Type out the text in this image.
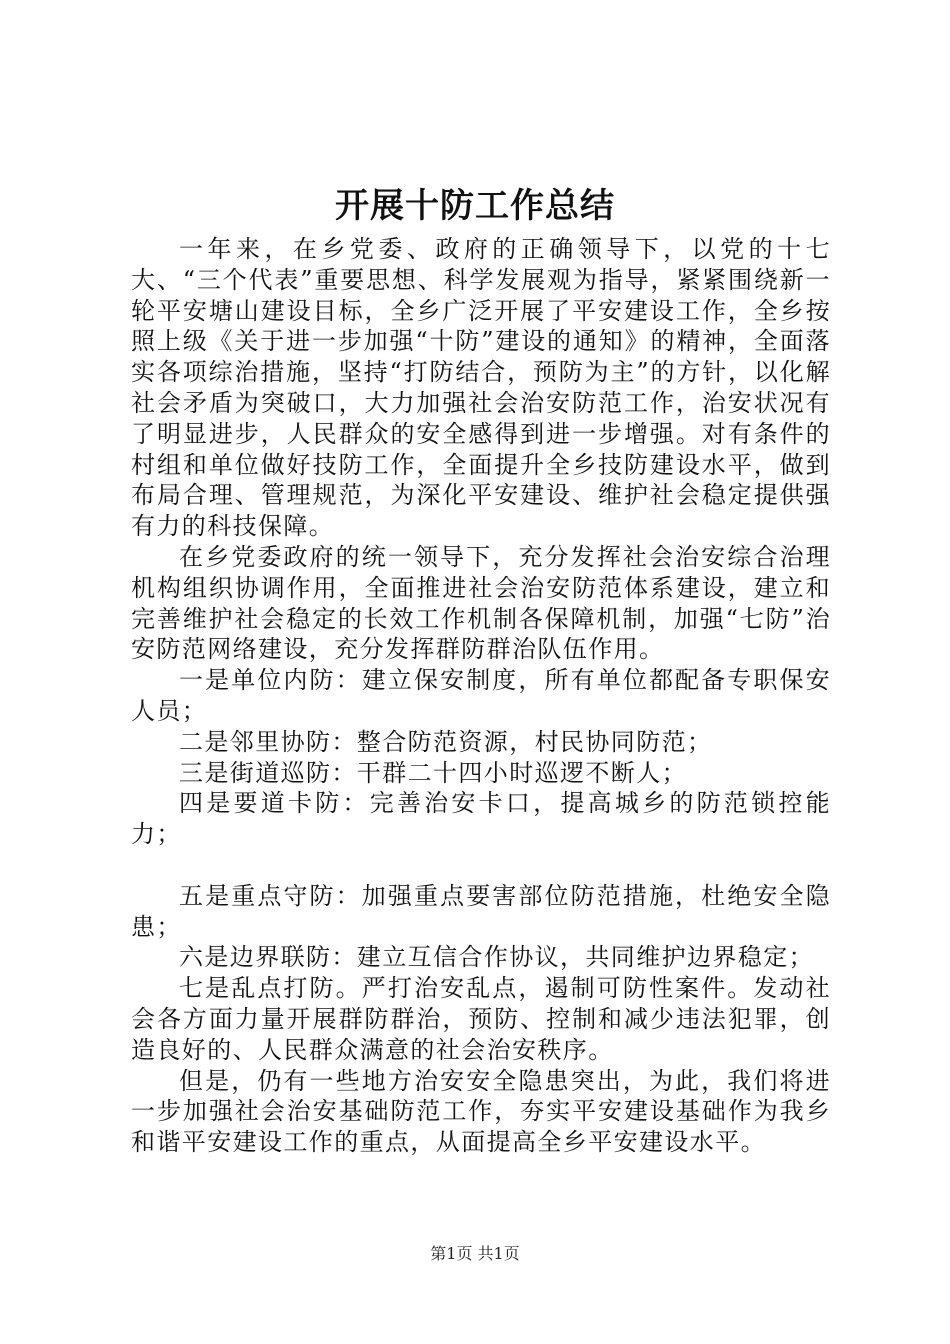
开展十防工作总结

一年来，在乡党委、政府的正确领导下，以党的十七大、“三个代表”重要思想、科学发展观为指导，紧紧围绕新一轮平安塘山建设目标，全乡广泛开展了平安建设工作，全乡按照上级《关于进一步加强“十防”建设的通知》的精神，全面落实各项综治措施，坚持“打防结合，预防为主”的方针，以化解社会矛盾为突破口，大力加强社会治安防范工作，治安状况有了明显进步，人民群众的安全感得到进一步增强。对有条件的村组和单位做好技防工作，全面提升全乡技防建设水平，做到布局合理、管理规范，为深化平安建设、维护社会稳定提供强有力的科技保障。

在乡党委政府的统一领导下，充分发挥社会治安综合治理机构组织协调作用，全面推进社会治安防范体系建设，建立和完善维护社会稳定的长效工作机制各保障机制，加强“七防”治安防范网络建设，充分发挥群防群治队伍作用。

一是单位内防：建立保安制度，所有单位都配备专职保安人员；

二是邻里协防：整合防范资源，村民协同防范；

三是街道巡防：干群二十四小时巡逻不断人；

四是要道卡防：完善治安卡口，提高城乡的防范锁控能力；

五是重点守防：加强重点要害部位防范措施，杜绝安全隐患；

六是边界联防：建立互信合作协议，共同维护边界稳定；

七是乱点打防。严打治安乱点，遏制可防性案件。发动社会各方面力量开展群防群治，预防、控制和减少违法犯罪，创造良好的、人民群众满意的社会治安秩序。

但是，仍有一些地方治安安全隐患突出，为此，我们将进一步加强社会治安基础防范工作，夯实平安建设基础作为我乡和谐平安建设工作的重点，从面提高全乡平安建设水平。

第1页 共1页
